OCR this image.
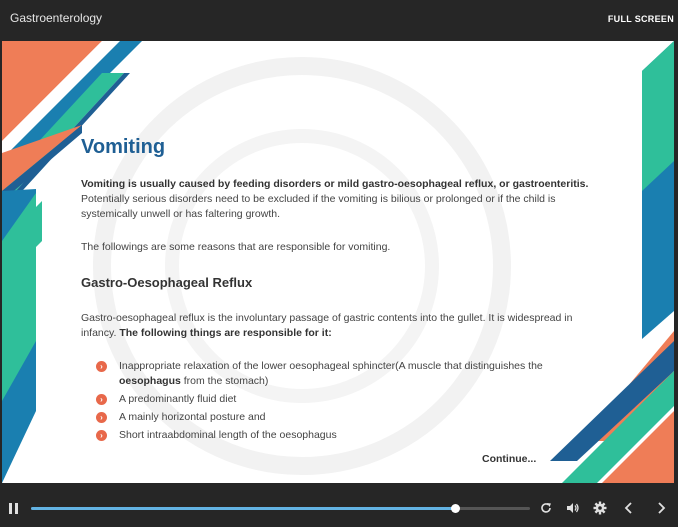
Gastroenterology	FULL SCREEN
Vomiting
Vomiting is usually caused by feeding disorders or mild gastro-oesophageal reflux, or gastroenteritis.
Potentially serious disorders need to be excluded if the vomiting is bilious or prolonged or if the child is systemically unwell or has faltering growth.
The followings are some reasons that are responsible for vomiting.
Gastro-Oesophageal Reflux
Gastro-oesophageal reflux is the involuntary passage of gastric contents into the gullet. It is widespread in infancy. The following things are responsible for it:
›	Inappropriate relaxation of the lower oesophageal sphincter(A muscle that distinguishes the
oesophagus from the stomach)
›	A predominantly fluid diet
›	A mainly horizontal posture and
›	Short intraabdominal length of the oesophagus
Continue...
